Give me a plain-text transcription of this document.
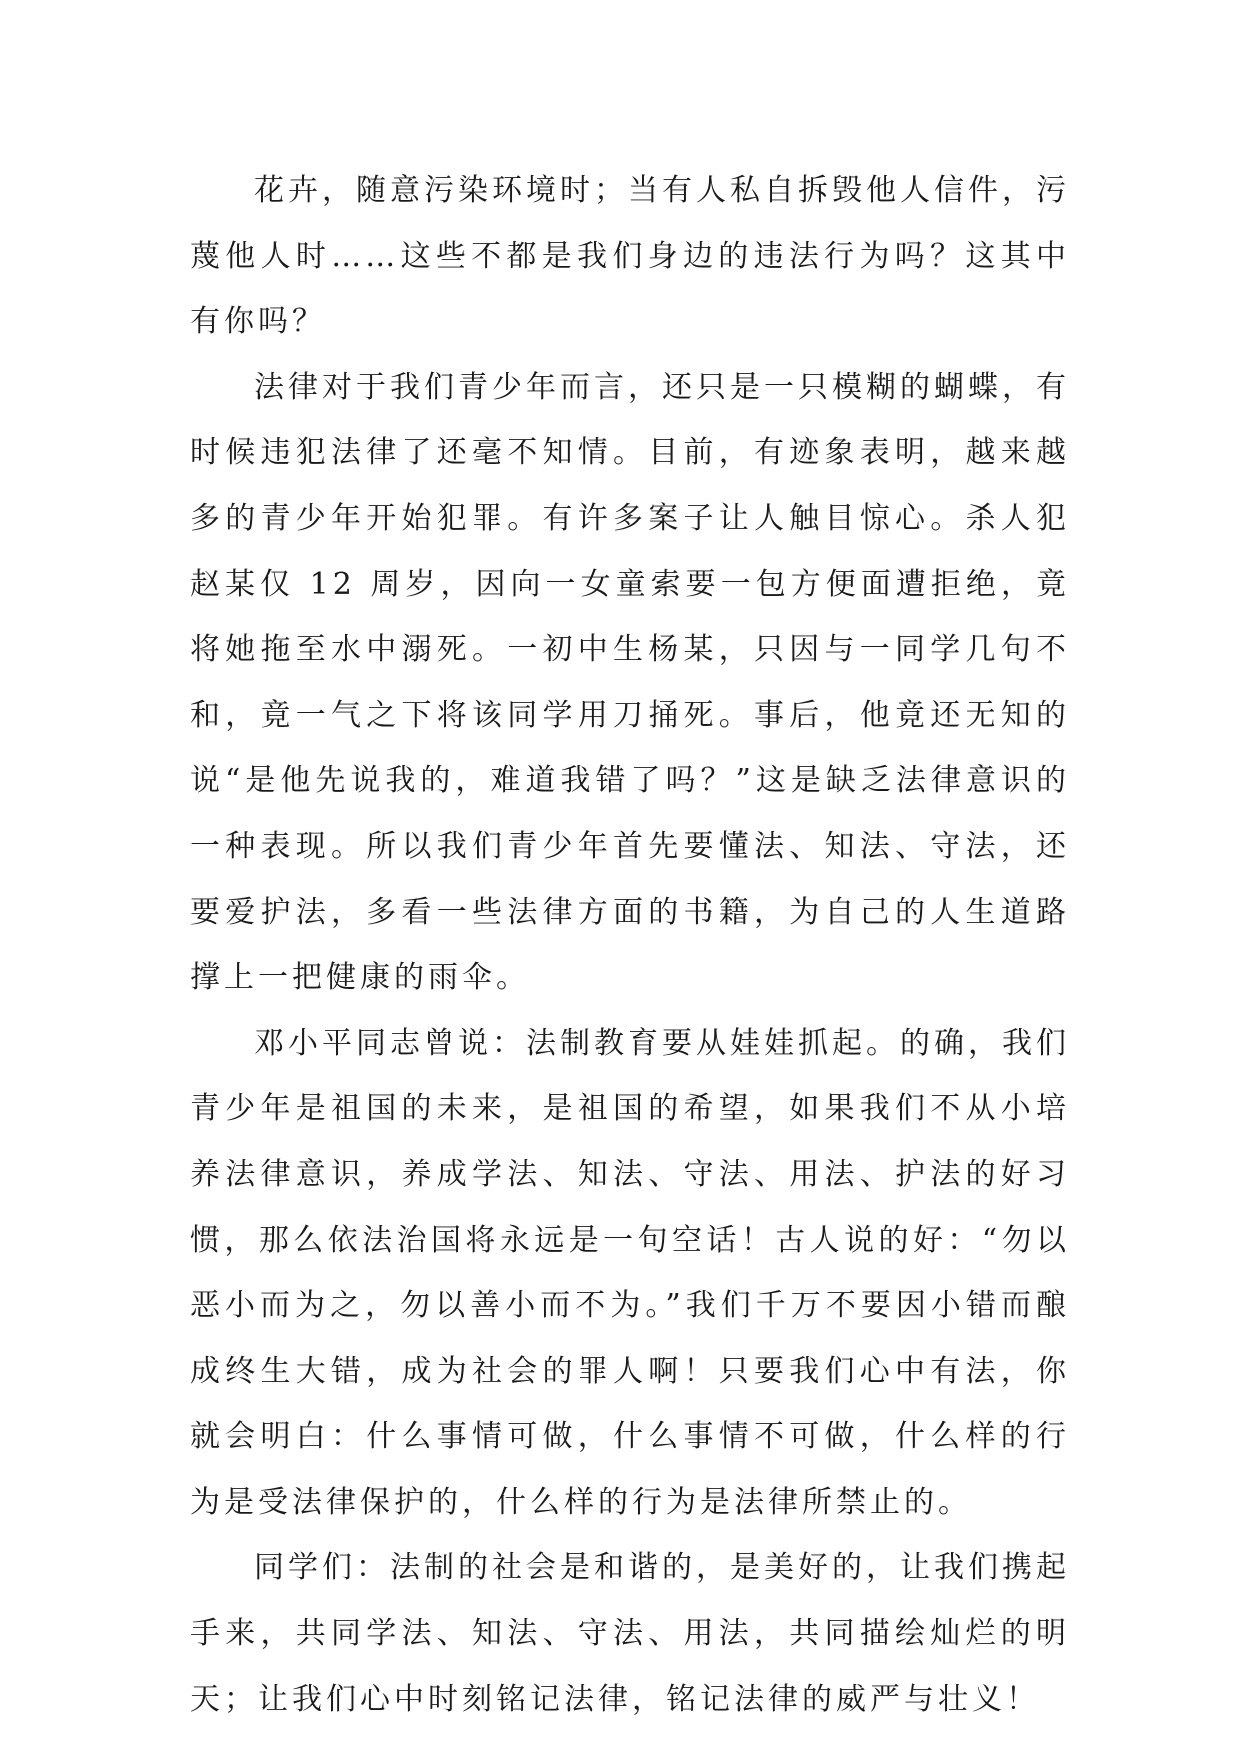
花卉，随意污染环境时；当有人私自拆毁他人信件，污蔑他人时……这些不都是我们身边的违法行为吗？这其中有你吗？

法律对于我们青少年而言，还只是一只模糊的蝴蝶，有时候违犯法律了还毫不知情。目前，有迹象表明，越来越多的青少年开始犯罪。有许多案子让人触目惊心。杀人犯赵某仅 12 周岁，因向一女童索要一包方便面遭拒绝，竟将她拖至水中溺死。一初中生杨某，只因与一同学几句不和，竟一气之下将该同学用刀捅死。事后，他竟还无知的说“是他先说我的，难道我错了吗？”这是缺乏法律意识的一种表现。所以我们青少年首先要懂法、知法、守法，还要爱护法，多看一些法律方面的书籍，为自己的人生道路撑上一把健康的雨伞。

邓小平同志曾说：法制教育要从娃娃抓起。的确，我们青少年是祖国的未来，是祖国的希望，如果我们不从小培养法律意识，养成学法、知法、守法、用法、护法的好习惯，那么依法治国将永远是一句空话！古人说的好：“勿以恶小而为之，勿以善小而不为。”我们千万不要因小错而酿成终生大错，成为社会的罪人啊！只要我们心中有法，你就会明白：什么事情可做，什么事情不可做，什么样的行为是受法律保护的，什么样的行为是法律所禁止的。

同学们：法制的社会是和谐的，是美好的，让我们携起手来，共同学法、知法、守法、用法，共同描绘灿烂的明天；让我们心中时刻铭记法律，铭记法律的威严与壮义！
